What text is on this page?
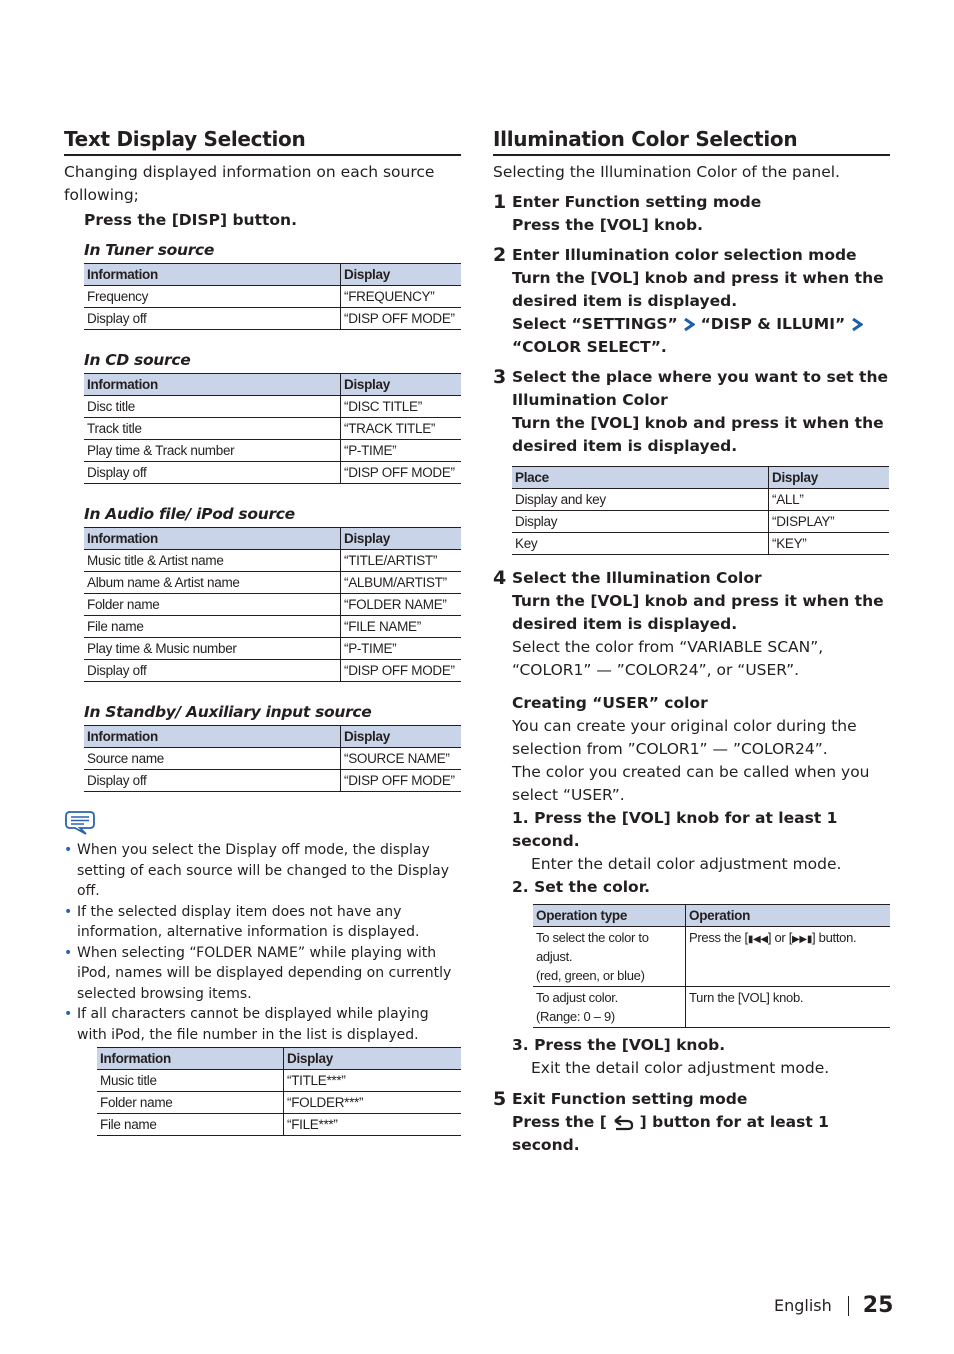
Text Display Selection

Changing displayed information on each source following;

Press the [DISP] button.

In Tuner source
Information	Display
Frequency	“FREQUENCY”
Display off	“DISP OFF MODE”
In CD source
Information	Display
Disc title	“DISC TITLE”
Track title	“TRACK TITLE”
Play time & Track number	“P-TIME”
Display off	“DISP OFF MODE”
In Audio file/ iPod source
Information	Display
Music title & Artist name	“TITLE/ARTIST”
Album name & Artist name	“ALBUM/ARTIST”
Folder name	“FOLDER NAME”
File name	“FILE NAME”
Play time & Music number	“P-TIME”
Display off	“DISP OFF MODE”
In Standby/ Auxiliary input source
Information	Display
Source name	“SOURCE NAME”
Display off	“DISP OFF MODE”
• When you select the Display off mode, the display setting of each source will be changed to the Display off.
• If the selected display item does not have any information, alternative information is displayed.
• When selecting “FOLDER NAME” while playing with iPod, names will be displayed depending on currently selected browsing items.
• If all characters cannot be displayed while playing with iPod, the file number in the list is displayed.
Information	Display
Music title	“TITLE***”
Folder name	“FOLDER***”
File name	“FILE***”
Illumination Color Selection

Selecting the Illumination Color of the panel.

1 Enter Function setting mode
Press the [VOL] knob.
2 Enter Illumination color selection mode
Turn the [VOL] knob and press it when the desired item is displayed.
Select “SETTINGS” “DISP & ILLUMI”  “COLOR SELECT”.
3 Select the place where you want to set the Illumination Color
Turn the [VOL] knob and press it when the desired item is displayed.
Place	Display
Display and key	“ALL”
Display	“DISPLAY”
Key	“KEY”
4 Select the Illumination Color
Turn the [VOL] knob and press it when the desired item is displayed.
Select the color from “VARIABLE SCAN”, “COLOR1” — ”COLOR24”, or “USER”.
Creating “USER” color
You can create your original color during the selection from ”COLOR1” — ”COLOR24”.
The color you created can be called when you select “USER”.
1. Press the [VOL] knob for at least 1 second.
Enter the detail color adjustment mode.
2. Set the color.
Operation type	Operation

To select the color to adjust.
(red, green, or blue)	Press the [▮◀◀] or [▶▶▮] button.

To adjust color.
(Range: 0 – 9)	Turn the [VOL] knob.
3. Press the [VOL] knob.
Exit the detail color adjustment mode.
5 Exit Function setting mode
Press the [ ] button for at least 1 second.
English 25
